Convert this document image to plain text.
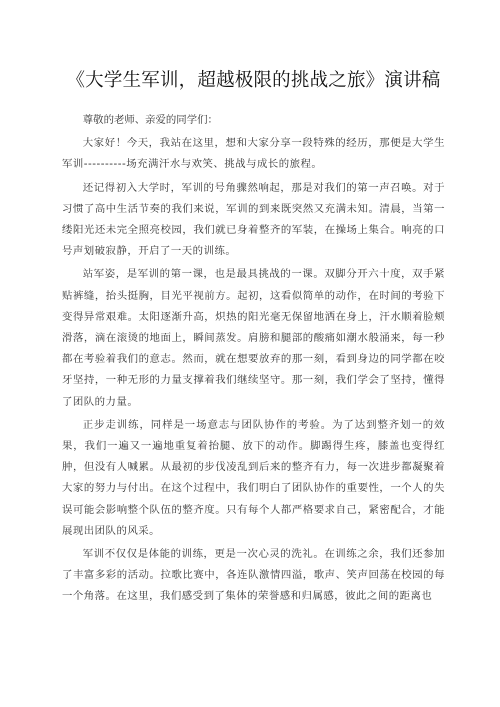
《大学生军训，超越极限的挑战之旅》演讲稿

尊敬的老师、亲爱的同学们：

大家好！今天，我站在这里，想和大家分享一段特殊的经历，那便是大学生军训----------场充满汗水与欢笑、挑战与成长的旅程。

还记得初入大学时，军训的号角骤然响起，那是对我们的第一声召唤。对于习惯了高中生活节奏的我们来说，军训的到来既突然又充满未知。清晨，当第一缕阳光还未完全照亮校园，我们就已身着整齐的军装，在操场上集合。响亮的口号声划破寂静，开启了一天的训练。

站军姿，是军训的第一课，也是最具挑战的一课。双脚分开六十度，双手紧贴裤缝，抬头挺胸，目光平视前方。起初，这看似简单的动作，在时间的考验下变得异常艰难。太阳逐渐升高，炽热的阳光毫无保留地洒在身上，汗水顺着脸颊滑落，滴在滚烫的地面上，瞬间蒸发。肩膀和腿部的酸痛如潮水般涌来，每一秒都在考验着我们的意志。然而，就在想要放弃的那一刻，看到身边的同学都在咬牙坚持，一种无形的力量支撑着我们继续坚守。那一刻，我们学会了坚持，懂得了团队的力量。

正步走训练，同样是一场意志与团队协作的考验。为了达到整齐划一的效果，我们一遍又一遍地重复着抬腿、放下的动作。脚踢得生疼，膝盖也变得红肿，但没有人喊累。从最初的步伐凌乱到后来的整齐有力，每一次进步都凝聚着大家的努力与付出。在这个过程中，我们明白了团队协作的重要性，一个人的失误可能会影响整个队伍的整齐度。只有每个人都严格要求自己，紧密配合，才能展现出团队的风采。

军训不仅仅是体能的训练，更是一次心灵的洗礼。在训练之余，我们还参加了丰富多彩的活动。拉歌比赛中，各连队激情四溢，歌声、笑声回荡在校园的每一个角落。在这里，我们感受到了集体的荣誉感和归属感，彼此之间的距离也
